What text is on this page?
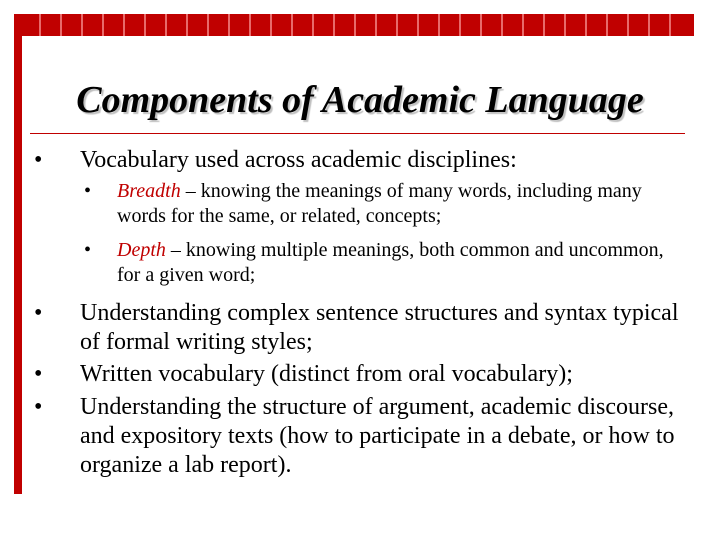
Components of Academic Language

• Vocabulary used across academic disciplines:

• Breadth – knowing the meanings of many words, including many words for the same, or related, concepts;

• Depth – knowing multiple meanings, both common and uncommon, for a given word;

• Understanding complex sentence structures and syntax typical of formal writing styles;

• Written vocabulary (distinct from oral vocabulary);

• Understanding the structure of argument, academic discourse, and expository texts (how to participate in a debate, or how to organize a lab report).
